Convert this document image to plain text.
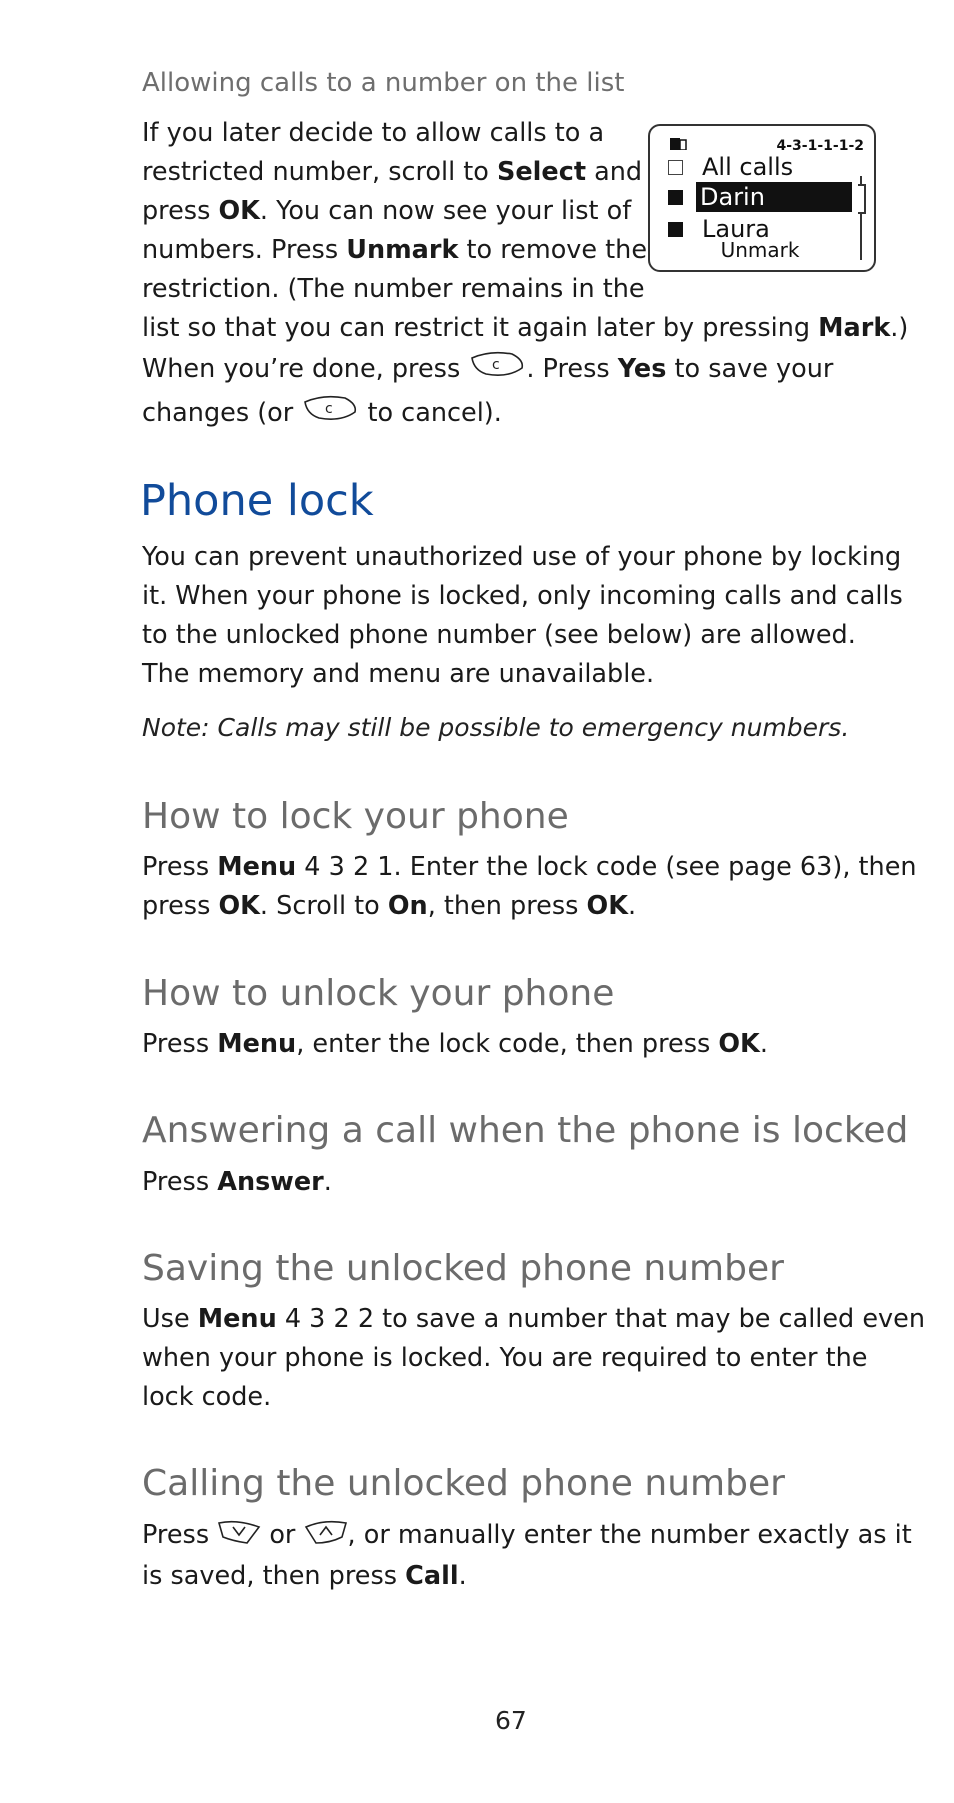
Allowing calls to a number on the list
If you later decide to allow calls to a
restricted number, scroll to Select and
press OK. You can now see your list of
numbers. Press Unmark to remove the
restriction. (The number remains in the
list so that you can restrict it again later by pressing Mark.)
When you’re done, press c . Press Yes to save your
changes (or c to cancel).
4-3-1-1-1-2
All calls
Darin
Laura
Unmark
Phone lock
You can prevent unauthorized use of your phone by locking
it. When your phone is locked, only incoming calls and calls
to the unlocked phone number (see below) are allowed.
The memory and menu are unavailable.
Note: Calls may still be possible to emergency numbers.
How to lock your phone
Press Menu 4 3 2 1. Enter the lock code (see page 63), then
press OK. Scroll to On, then press OK.
How to unlock your phone
Press Menu, enter the lock code, then press OK.
Answering a call when the phone is locked
Press Answer.
Saving the unlocked phone number
Use Menu 4 3 2 2 to save a number that may be called even
when your phone is locked. You are required to enter the
lock code.
Calling the unlocked phone number
Press  or , or manually enter the number exactly as it
is saved, then press Call.
67
